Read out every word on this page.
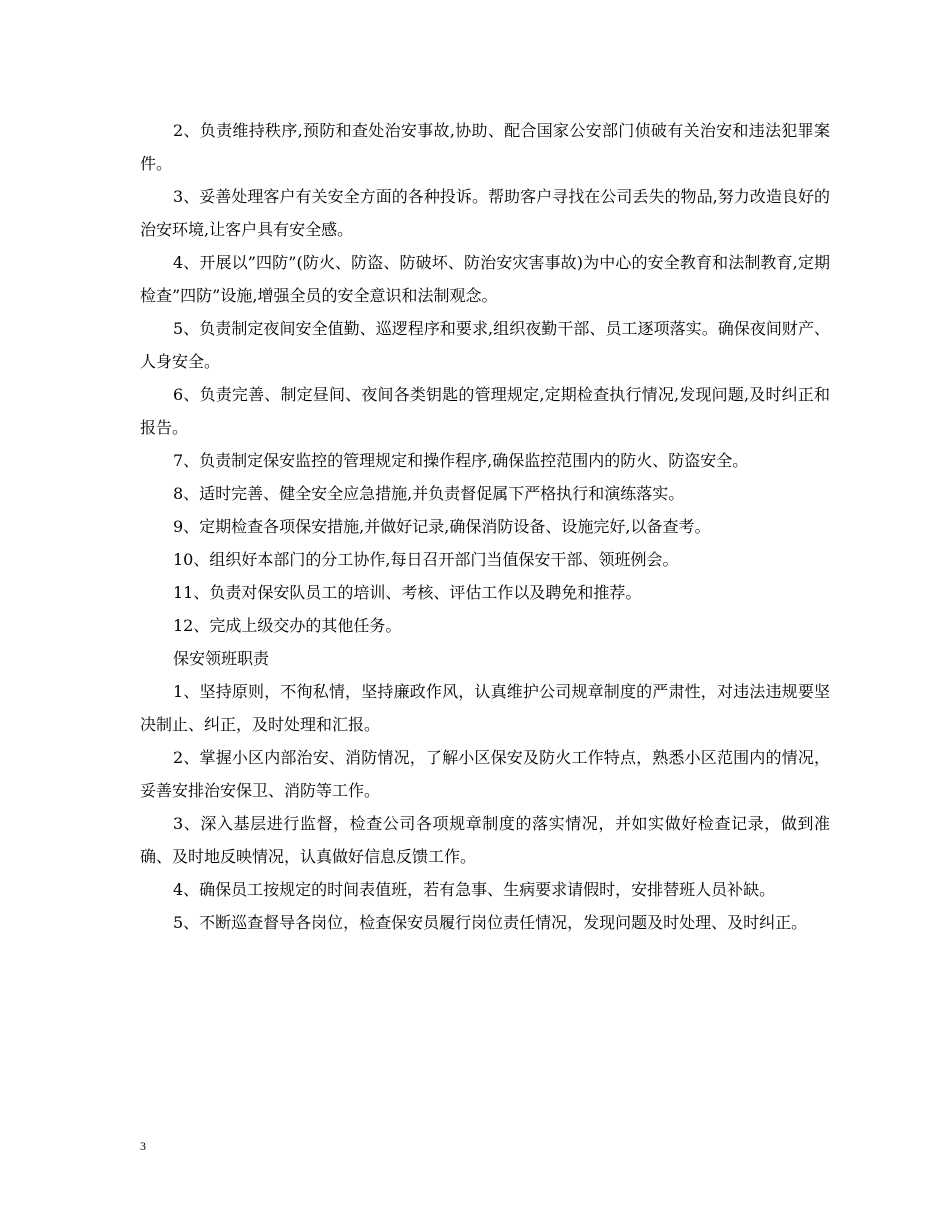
2、负责维持秩序,预防和查处治安事故,协助、配合国家公安部门侦破有关治安和违法犯罪案件。

3、妥善处理客户有关安全方面的各种投诉。帮助客户寻找在公司丢失的物品,努力改造良好的治安环境,让客户具有安全感。

4、开展以”四防”(防火、防盗、防破坏、防治安灾害事故)为中心的安全教育和法制教育,定期检查”四防”设施,增强全员的安全意识和法制观念。

5、负责制定夜间安全值勤、巡逻程序和要求,组织夜勤干部、员工逐项落实。确保夜间财产、人身安全。

6、负责完善、制定昼间、夜间各类钥匙的管理规定,定期检查执行情况,发现问题,及时纠正和报告。

7、负责制定保安监控的管理规定和操作程序,确保监控范围内的防火、防盗安全。

8、适时完善、健全安全应急措施,并负责督促属下严格执行和演练落实。

9、定期检查各项保安措施,并做好记录,确保消防设备、设施完好,以备查考。

10、组织好本部门的分工协作,每日召开部门当值保安干部、领班例会。

11、负责对保安队员工的培训、考核、评估工作以及聘免和推荐。

12、完成上级交办的其他任务。

保安领班职责

1、坚持原则，不徇私情，坚持廉政作风，认真维护公司规章制度的严肃性，对违法违规要坚决制止、纠正，及时处理和汇报。

2、掌握小区内部治安、消防情况，了解小区保安及防火工作特点，熟悉小区范围内的情况，妥善安排治安保卫、消防等工作。

3、深入基层进行监督，检查公司各项规章制度的落实情况，并如实做好检查记录，做到准确、及时地反映情况，认真做好信息反馈工作。

4、确保员工按规定的时间表值班，若有急事、生病要求请假时，安排替班人员补缺。

5、不断巡查督导各岗位，检查保安员履行岗位责任情况，发现问题及时处理、及时纠正。

3
